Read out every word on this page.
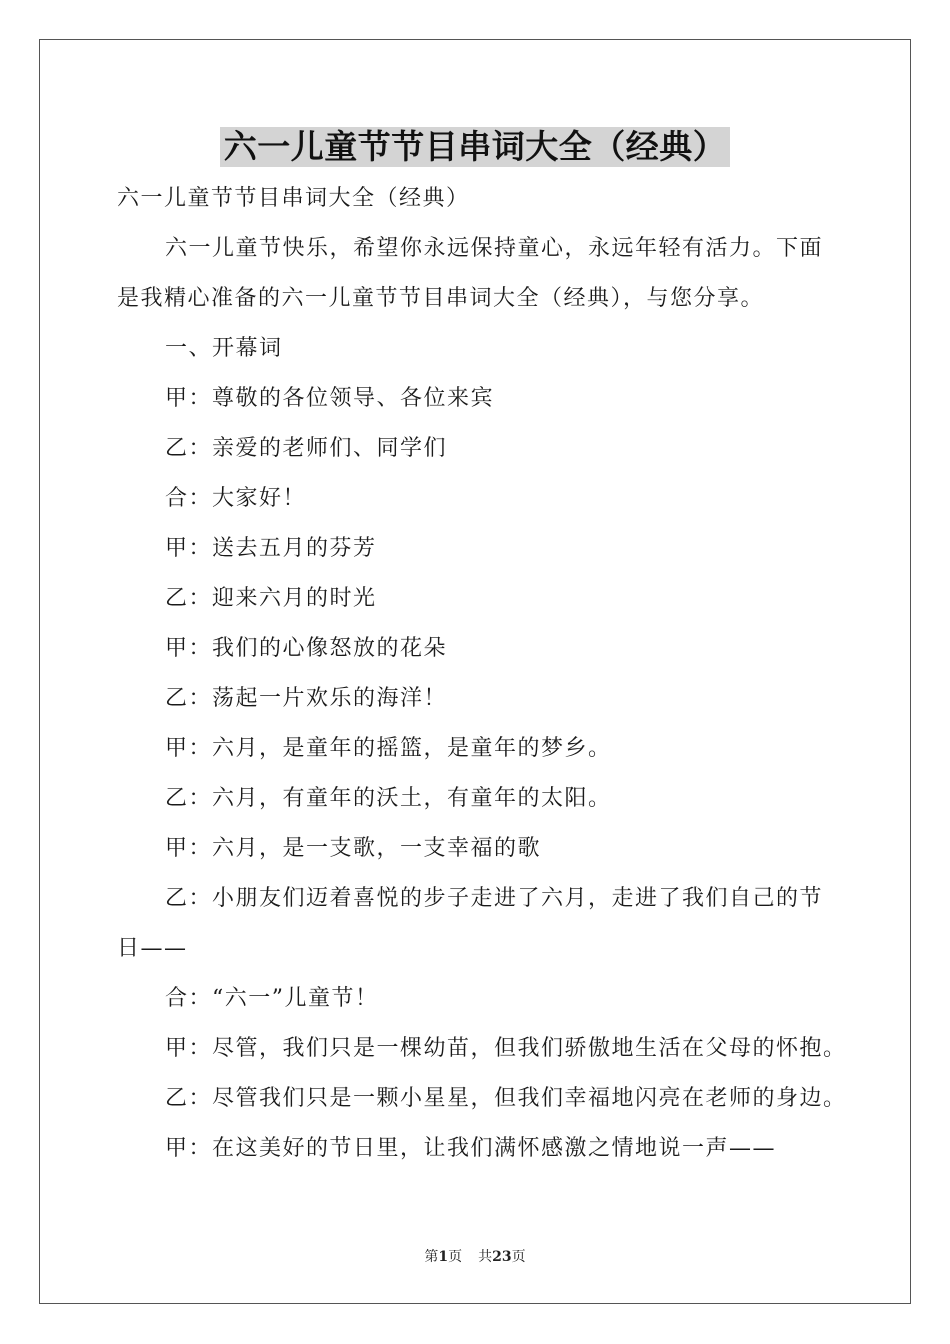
六一儿童节节目串词大全（经典）

六一儿童节节目串词大全（经典）

六一儿童节快乐，希望你永远保持童心，永远年轻有活力。下面

是我精心准备的六一儿童节节目串词大全（经典），与您分享。

一、开幕词

甲：尊敬的各位领导、各位来宾

乙：亲爱的老师们、同学们

合：大家好！

甲：送去五月的芬芳

乙：迎来六月的时光

甲：我们的心像怒放的花朵

乙：荡起一片欢乐的海洋！

甲：六月，是童年的摇篮，是童年的梦乡。

乙：六月，有童年的沃土，有童年的太阳。

甲：六月，是一支歌，一支幸福的歌

乙：小朋友们迈着喜悦的步子走进了六月，走进了我们自己的节

日——

合：“六一”儿童节！

甲：尽管，我们只是一棵幼苗，但我们骄傲地生活在父母的怀抱。

乙：尽管我们只是一颗小星星，但我们幸福地闪亮在老师的身边。

甲：在这美好的节日里，让我们满怀感激之情地说一声——

第1页 共23页
